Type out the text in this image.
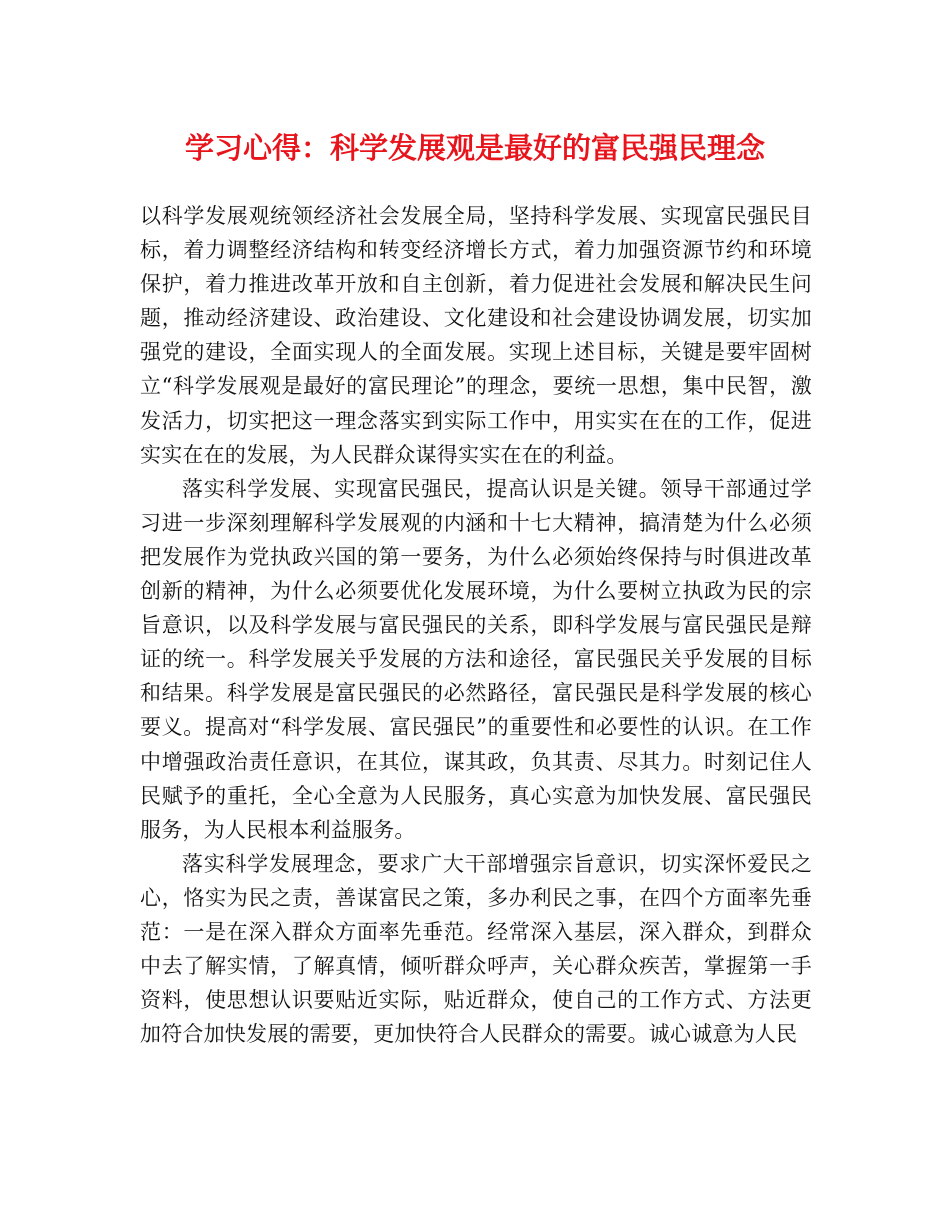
学习心得：科学发展观是最好的富民强民理念

以科学发展观统领经济社会发展全局，坚持科学发展、实现富民强民目标，着力调整经济结构和转变经济增长方式，着力加强资源节约和环境保护，着力推进改革开放和自主创新，着力促进社会发展和解决民生问题，推动经济建设、政治建设、文化建设和社会建设协调发展，切实加强党的建设，全面实现人的全面发展。实现上述目标，关键是要牢固树立“科学发展观是最好的富民理论”的理念，要统一思想，集中民智，激发活力，切实把这一理念落实到实际工作中，用实实在在的工作，促进实实在在的发展，为人民群众谋得实实在在的利益。

落实科学发展、实现富民强民，提高认识是关键。领导干部通过学习进一步深刻理解科学发展观的内涵和十七大精神，搞清楚为什么必须把发展作为党执政兴国的第一要务，为什么必须始终保持与时俱进改革创新的精神，为什么必须要优化发展环境，为什么要树立执政为民的宗旨意识，以及科学发展与富民强民的关系，即科学发展与富民强民是辩证的统一。科学发展关乎发展的方法和途径，富民强民关乎发展的目标和结果。科学发展是富民强民的必然路径，富民强民是科学发展的核心要义。提高对“科学发展、富民强民”的重要性和必要性的认识。在工作中增强政治责任意识，在其位，谋其政，负其责、尽其力。时刻记住人民赋予的重托，全心全意为人民服务，真心实意为加快发展、富民强民服务，为人民根本利益服务。

落实科学发展理念，要求广大干部增强宗旨意识，切实深怀爱民之心，恪实为民之责，善谋富民之策，多办利民之事，在四个方面率先垂范：一是在深入群众方面率先垂范。经常深入基层，深入群众，到群众中去了解实情，了解真情，倾听群众呼声，关心群众疾苦，掌握第一手资料，使思想认识要贴近实际，贴近群众，使自己的工作方式、方法更加符合加快发展的需要，更加快符合人民群众的需要。诚心诚意为人民
